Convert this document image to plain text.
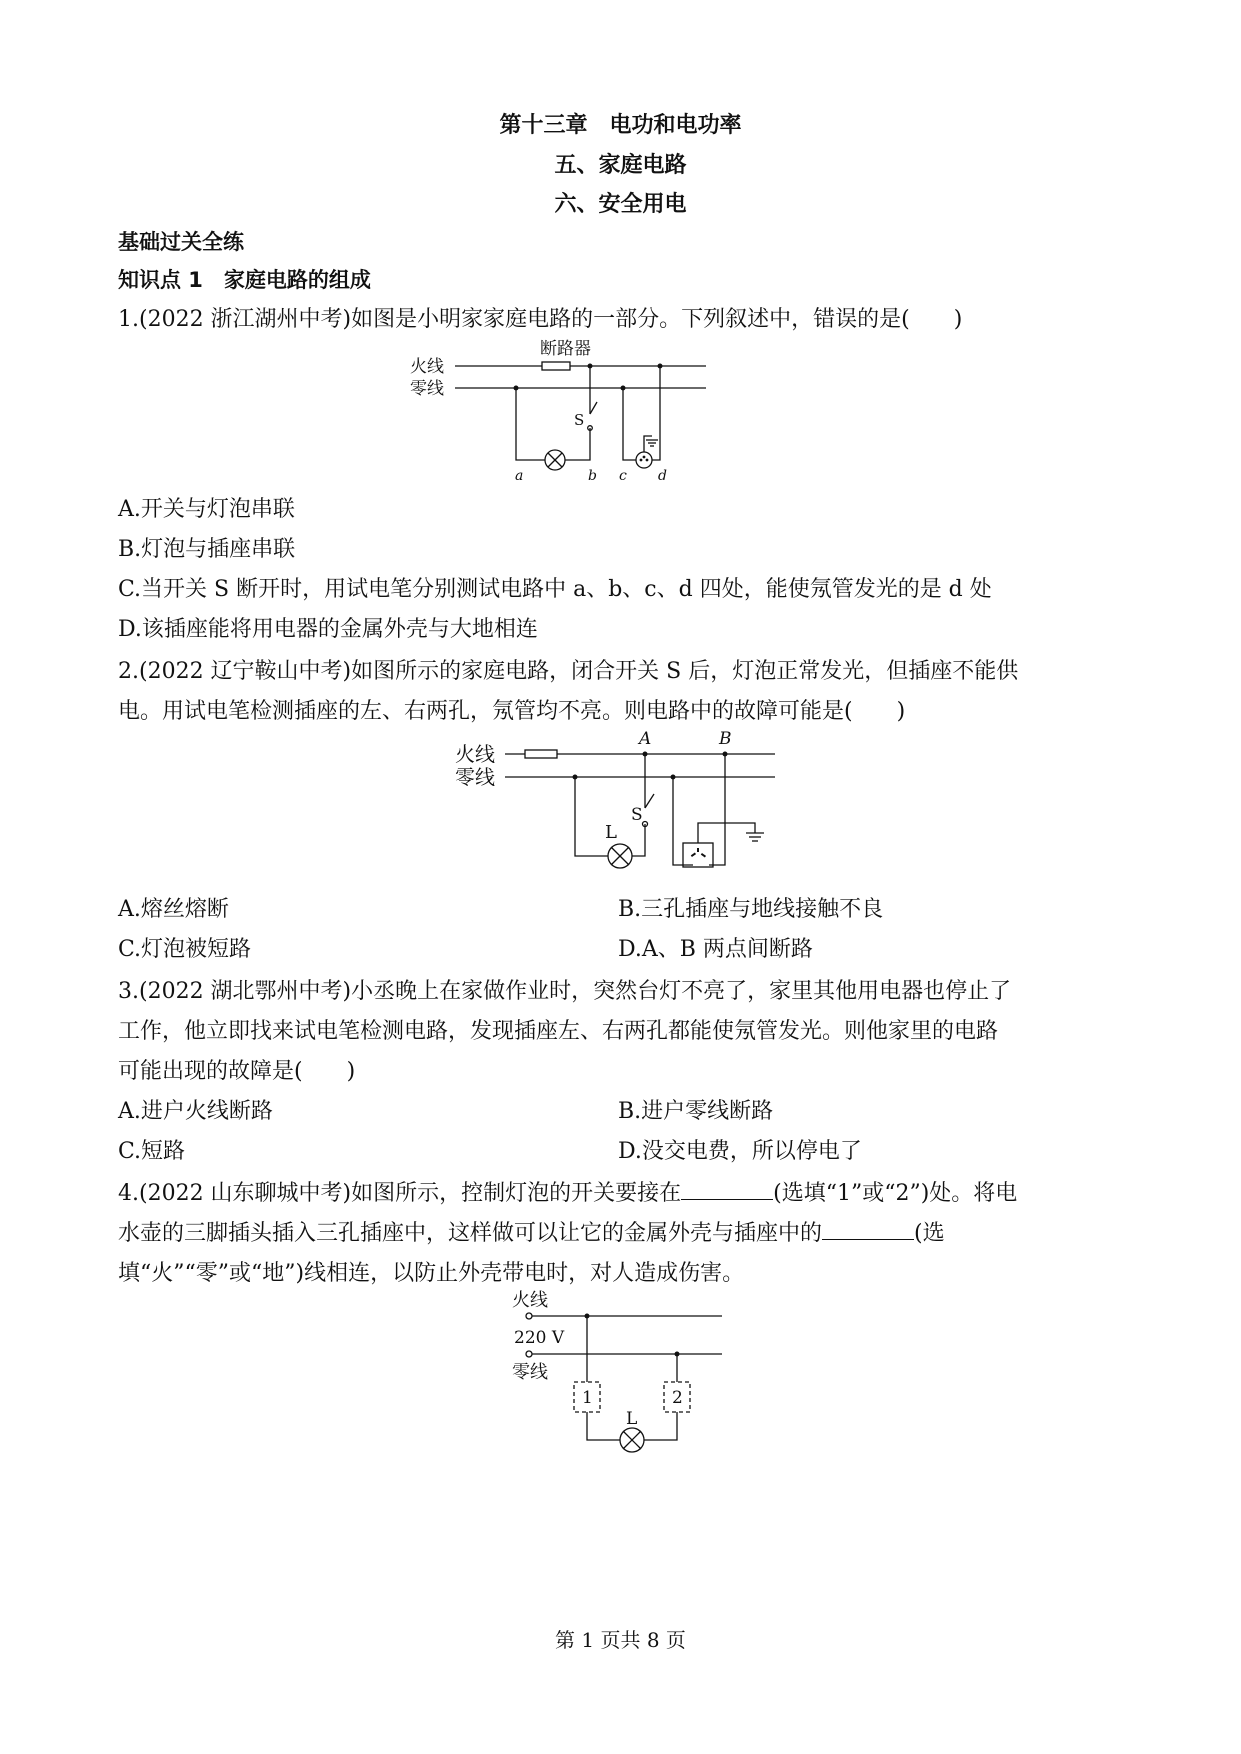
第十三章　电功和电功率
五、家庭电路
六、安全用电
基础过关全练
知识点 1　家庭电路的组成
1.(2022 浙江湖州中考)如图是小明家家庭电路的一部分。下列叙述中，错误的是(　　)
火线
零线
断路器
S
a	b c d
A.开关与灯泡串联
B.灯泡与插座串联
C.当开关 S 断开时，用试电笔分别测试电路中 a、b、c、d 四处，能使氖管发光的是 d 处
D.该插座能将用电器的金属外壳与大地相连
2.(2022 辽宁鞍山中考)如图所示的家庭电路，闭合开关 S 后，灯泡正常发光，但插座不能供
电。用试电笔检测插座的左、右两孔，氖管均不亮。则电路中的故障可能是(　　)
火线
零线
A	B
S
L
A.熔丝熔断	B.三孔插座与地线接触不良
C.灯泡被短路	D.A、B 两点间断路
3.(2022 湖北鄂州中考)小丞晚上在家做作业时，突然台灯不亮了，家里其他用电器也停止了
工作，他立即找来试电笔检测电路，发现插座左、右两孔都能使氖管发光。则他家里的电路
可能出现的故障是(　　)
A.进户火线断路	B.进户零线断路
C.短路	D.没交电费，所以停电了
4.(2022 山东聊城中考)如图所示，控制灯泡的开关要接在	(选填“1”或“2”)处。将电
水壶的三脚插头插入三孔插座中，这样做可以让它的金属外壳与插座中的	(选
填“火”“零”或“地”)线相连，以防止外壳带电时，对人造成伤害。
火线
220 V
零线
1	2
L
第 1 页共 8 页
